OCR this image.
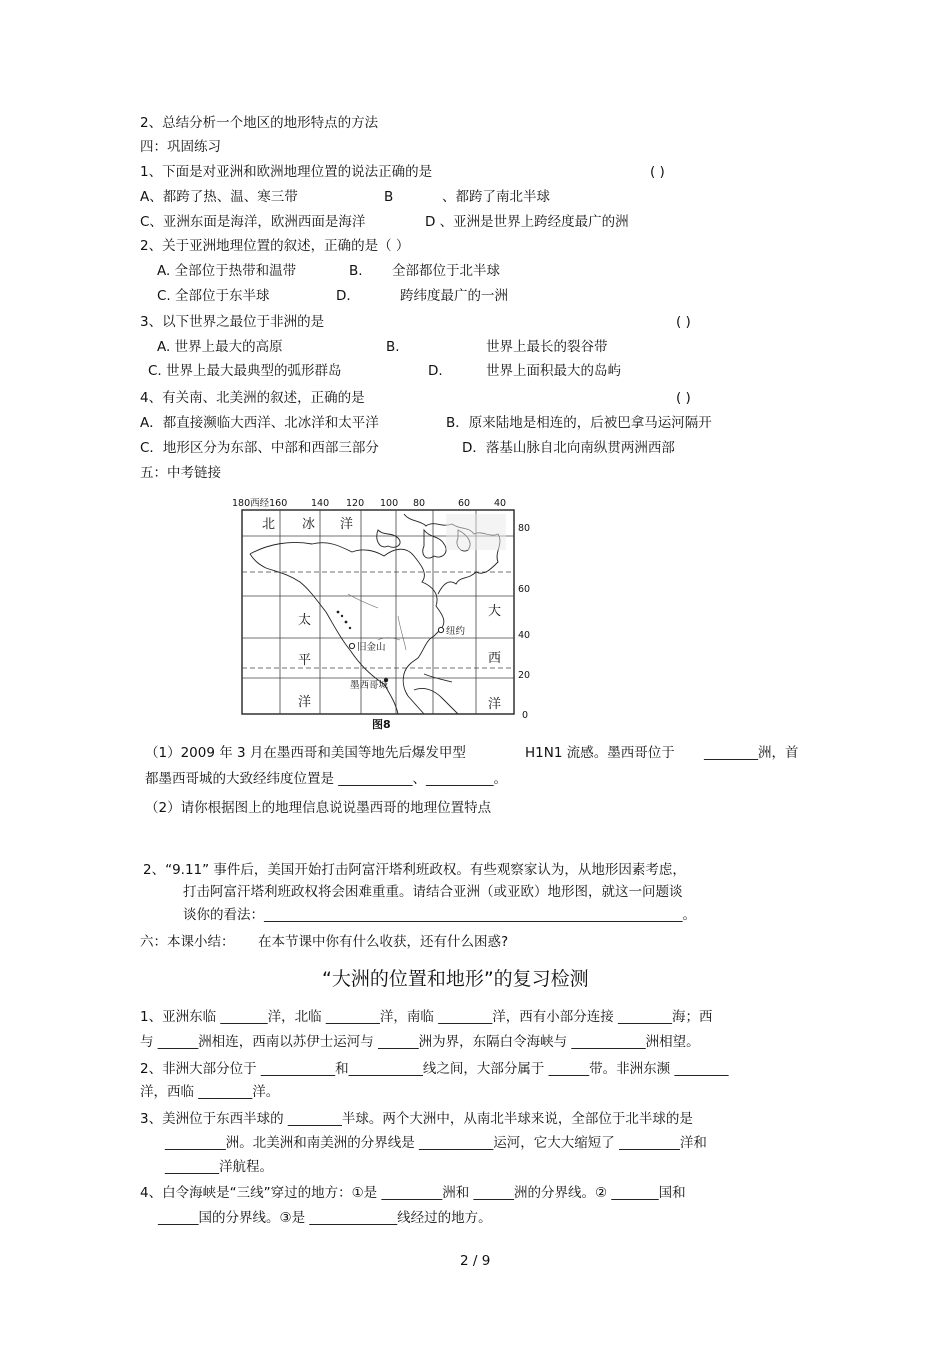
2、总结分析一个地区的地形特点的方法
四：巩固练习
1、下面是对亚洲和欧洲地理位置的说法正确的是	( )
A、都跨了热、温、寒三带	B	、都跨了南北半球
C、亚洲东面是海洋，欧洲西面是海洋	D 、亚洲是世界上跨经度最广的洲
2、关于亚洲地理位置的叙述，正确的是（ ）
A. 全部位于热带和温带	B. 全部都位于北半球
C. 全部位于东半球	D.	跨纬度最广的一洲
3、以下世界之最位于非洲的是	( )
A. 世界上最大的高原	B.	世界上最长的裂谷带
C. 世界上最大最典型的弧形群岛	D.	世界上面积最大的岛屿
4、有关南、北美洲的叙述，正确的是	( )
A．都直接濒临大西洋、北冰洋和太平洋	B．原来陆地是相连的，后被巴拿马运河隔开
C．地形区分为东部、中部和西部三部分	D．落基山脉自北向南纵贯两洲西部
五：中考链接
180西经160 140 120 100 80	60	40
80
60
40
20
0
北 冰 洋
太
平
洋
大
西
洋
旧金山
纽约
墨西哥城
图8
（1）2009 年 3 月在墨西哥和美国等地先后爆发甲型	H1N1 流感。墨西哥位于 ________洲，首
都墨西哥城的大致经纬度位置是 ___________、__________。
（2）请你根据图上的地理信息说说墨西哥的地理位置特点
2、“9.11” 事件后，美国开始打击阿富汗塔利班政权。有些观察家认为，从地形因素考虑，
打击阿富汗塔利班政权将会困难重重。请结合亚洲（或亚欧）地形图，就这一问题谈
谈你的看法：______________________________________________________________。
六：本课小结： 在本节课中你有什么收获，还有什么困惑?
“大洲的位置和地形”的复习检测
1、亚洲东临 _______洋，北临 ________洋，南临 ________洋，西有小部分连接 ________海；西
与 ______洲相连，西南以苏伊士运河与 ______洲为界，东隔白令海峡与 ___________洲相望。
2、非洲大部分位于 ___________和___________线之间，大部分属于 ______带。非洲东濒 ________
洋，西临 ________洋。
3、美洲位于东西半球的 ________半球。两个大洲中，从南北半球来说，全部位于北半球的是
_________洲。北美洲和南美洲的分界线是 ___________运河，它大大缩短了 _________洋和
________洋航程。
4、白令海峡是“三线”穿过的地方：①是 _________洲和 ______洲的分界线。② _______国和
______国的分界线。③是 _____________线经过的地方。
2 / 9
